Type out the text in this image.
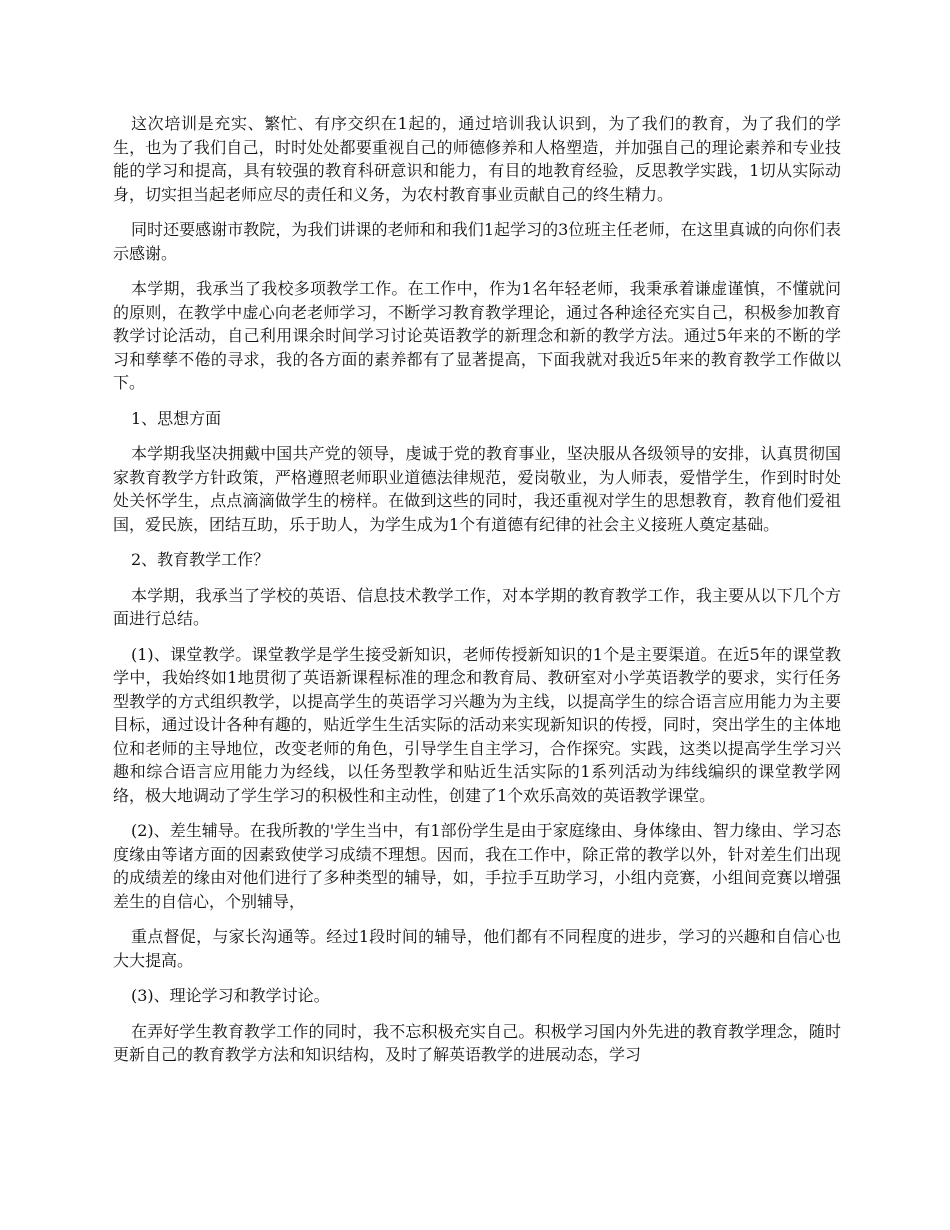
这次培训是充实、繁忙、有序交织在1起的，通过培训我认识到，为了我们的教育，为了我们的学生，也为了我们自己，时时处处都要重视自己的师德修养和人格塑造，并加强自己的理论素养和专业技能的学习和提高，具有较强的教育科研意识和能力，有目的地教育经验，反思教学实践，1切从实际动身，切实担当起老师应尽的责任和义务，为农村教育事业贡献自己的终生精力。

同时还要感谢市教院，为我们讲课的老师和和我们1起学习的3位班主任老师，在这里真诚的向你们表示感谢。

本学期，我承当了我校多项教学工作。在工作中，作为1名年轻老师，我秉承着谦虚谨慎，不懂就问的原则，在教学中虚心向老老师学习，不断学习教育教学理论，通过各种途径充实自己，积极参加教育教学讨论活动，自己利用课余时间学习讨论英语教学的新理念和新的教学方法。通过5年来的不断的学习和孳孳不倦的寻求，我的各方面的素养都有了显著提高，下面我就对我近5年来的教育教学工作做以下。

1、思想方面

本学期我坚决拥戴中国共产党的领导，虔诚于党的教育事业，坚决服从各级领导的安排，认真贯彻国家教育教学方针政策，严格遵照老师职业道德法律规范，爱岗敬业，为人师表，爱惜学生，作到时时处处关怀学生，点点滴滴做学生的榜样。在做到这些的同时，我还重视对学生的思想教育，教育他们爱祖国，爱民族，团结互助，乐于助人，为学生成为1个有道德有纪律的社会主义接班人奠定基础。

2、教育教学工作？

本学期，我承当了学校的英语、信息技术教学工作，对本学期的教育教学工作，我主要从以下几个方面进行总结。

(1)、课堂教学。课堂教学是学生接受新知识，老师传授新知识的1个是主要渠道。在近5年的课堂教学中，我始终如1地贯彻了英语新课程标准的理念和教育局、教研室对小学英语教学的要求，实行任务型教学的方式组织教学，以提高学生的英语学习兴趣为为主线，以提高学生的综合语言应用能力为主要目标，通过设计各种有趣的，贴近学生生活实际的活动来实现新知识的传授，同时，突出学生的主体地位和老师的主导地位，改变老师的角色，引导学生自主学习，合作探究。实践，这类以提高学生学习兴趣和综合语言应用能力为经线，以任务型教学和贴近生活实际的1系列活动为纬线编织的课堂教学网络，极大地调动了学生学习的积极性和主动性，创建了1个欢乐高效的英语教学课堂。

(2)、差生辅导。在我所教的'学生当中，有1部份学生是由于家庭缘由、身体缘由、智力缘由、学习态度缘由等诸方面的因素致使学习成绩不理想。因而，我在工作中，除正常的教学以外，针对差生们出现的成绩差的缘由对他们进行了多种类型的辅导，如，手拉手互助学习，小组内竞赛，小组间竞赛以增强差生的自信心，个别辅导，

重点督促，与家长沟通等。经过1段时间的辅导，他们都有不同程度的进步，学习的兴趣和自信心也大大提高。

(3)、理论学习和教学讨论。

在弄好学生教育教学工作的同时，我不忘积极充实自己。积极学习国内外先进的教育教学理念，随时更新自己的教育教学方法和知识结构，及时了解英语教学的进展动态，学习
